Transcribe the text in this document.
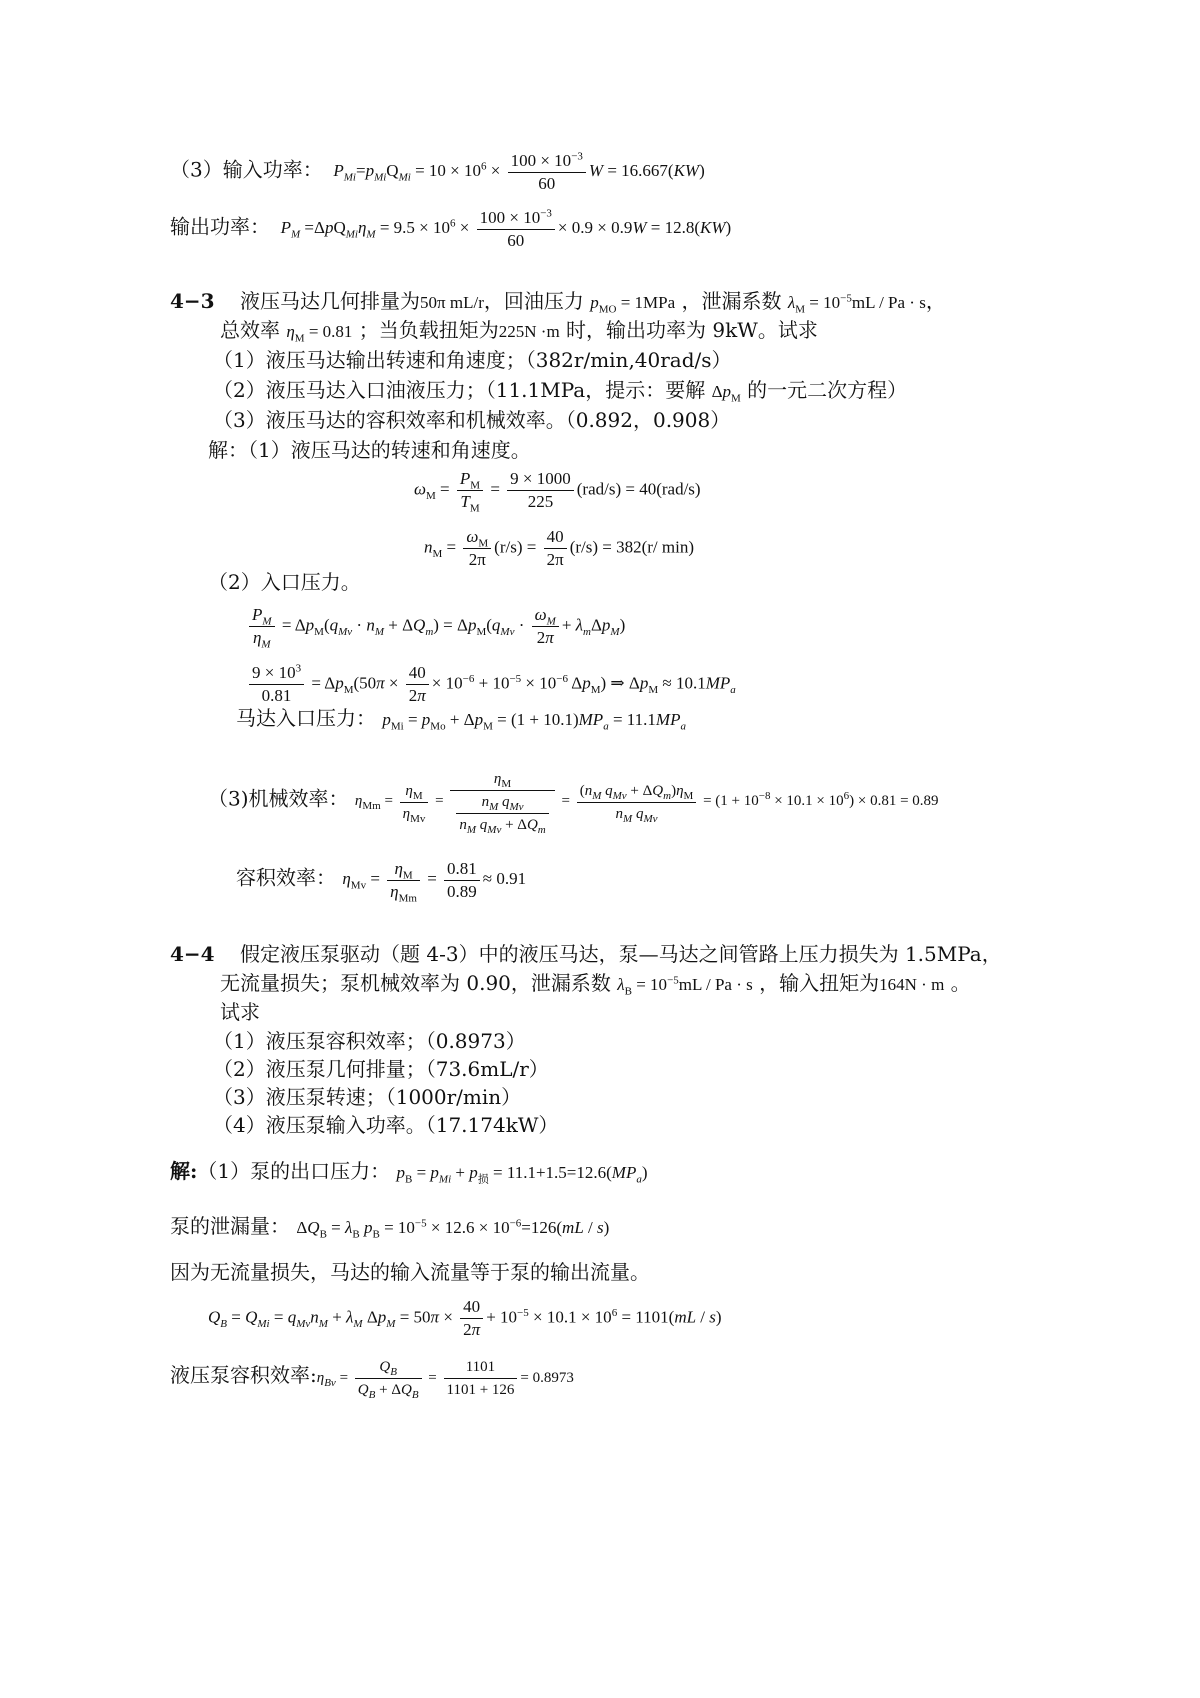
（3）输入功率： $P_{Mi}=p_{Mi}Q_{Mi} = 10 \times 10^6 \times \frac{100 \times 10^{-3}}{60}$ W = 16.667(KW)
输出功率： $P_M =\Delta pQ_{Mi}\eta_M = 9.5 \times 10^6 \times \frac{100 \times 10^{-3}}{60} \times 0.9 \times 0.9W = 12.8(KW)$
4−3 液压马达几何排量为50π mL/r，回油压力 $p_{MO} = 1MPa$ ，泄漏系数 $\lambda_M = 10^{-5}mL / Pa \cdot s$，
总效率 $\eta_M = 0.81$ ；当负载扭矩为225N ·m 时，输出功率为 9kW。试求
（1）液压马达输出转速和角速度；（382r/min,40rad/s）
（2）液压马达入口油液压力；（11.1MPa，提示：要解 $\Delta p_M$ 的一元二次方程）
（3）液压马达的容积效率和机械效率。（0.892，0.908）
解：（1）液压马达的转速和角速度。
$\omega_M = \frac{P_M}{T_M} = \frac{9 \times 1000}{225} (rad/s) = 40(rad/s)$
$n_M = \frac{\omega_M}{2\pi} (r/s) = \frac{40}{2\pi} (r/s) = 382(r/$ min)
（2）入口压力。
$\frac{P_M}{\eta_M} = \Delta p_M(q_{Mv} \cdot n_M + \Delta Q_m) = \Delta p_M(q_{Mv} \cdot \frac{\omega_M}{2\pi} + \lambda_m\Delta p_M)$
$\frac{9 \times 10^3}{0.81} = \Delta p_M(50\pi \times \frac{40}{2\pi} \times 10^{-6} + 10^{-5} \times 10^{-6}$ $\Delta p_M$) ⇒ $\Delta p_M \approx 10.1MP_a$
马达入口压力： $p_{Mi} = p_{Mo} + \Delta p_M = (1 + 10.1)MP_a = 11.1MP_a$
（3)机械效率： $\eta_{Mm} = \frac{\eta_M}{\eta_{Mv}} = \frac{\eta_M}{\frac{n_M q_{Mv}}{n_M q_{Mv} + \Delta Q_m}} = \frac{(n_M q_{Mv} + \Delta Q_m)\eta_M}{n_M q_{Mv}} = (1 + 10^{-8} \times 10.1 \times 10^6) \times 0.81 = 0.89$
容积效率： $\eta_{Mv} = \frac{\eta_M}{\eta_{Mm}} = \frac{0.81}{0.89} \approx 0.91$
4−4 假定液压泵驱动（题 4-3）中的液压马达，泵—马达之间管路上压力损失为 1.5MPa，
无流量损失；泵机械效率为 0.90，泄漏系数 $\lambda_B = 10^{-5}mL / Pa \cdot s$ ，输入扭矩为164N · m 。
试求
（1）液压泵容积效率；（0.8973）
（2）液压泵几何排量；（73.6mL/r）
（3）液压泵转速；（1000r/min）
（4）液压泵输入功率。（17.174kW）
解:（1）泵的出口压力： $p_B = p_{Mi} + p_损 = 11.1+1.5=12.6(MP_a)$
泵的泄漏量： $\Delta Q_B = \lambda_B$ $p_B = 10^{-5} \times 12.6 \times 10^{-6}=126(mL / s)$
因为无流量损失，马达的输入流量等于泵的输出流量。
$Q_B = Q_{Mi} = q_{Mv}n_M + \lambda_M$ $\Delta p_M = 50\pi \times \frac{40}{2\pi} + 10^{-5} \times 10.1 \times 10^6 = 1101(mL / s)$
液压泵容积效率$:\eta_{Bv} = \frac{Q_B}{Q_B + \Delta Q_B} = \frac{1101}{1101 + 126} = 0.8973$
